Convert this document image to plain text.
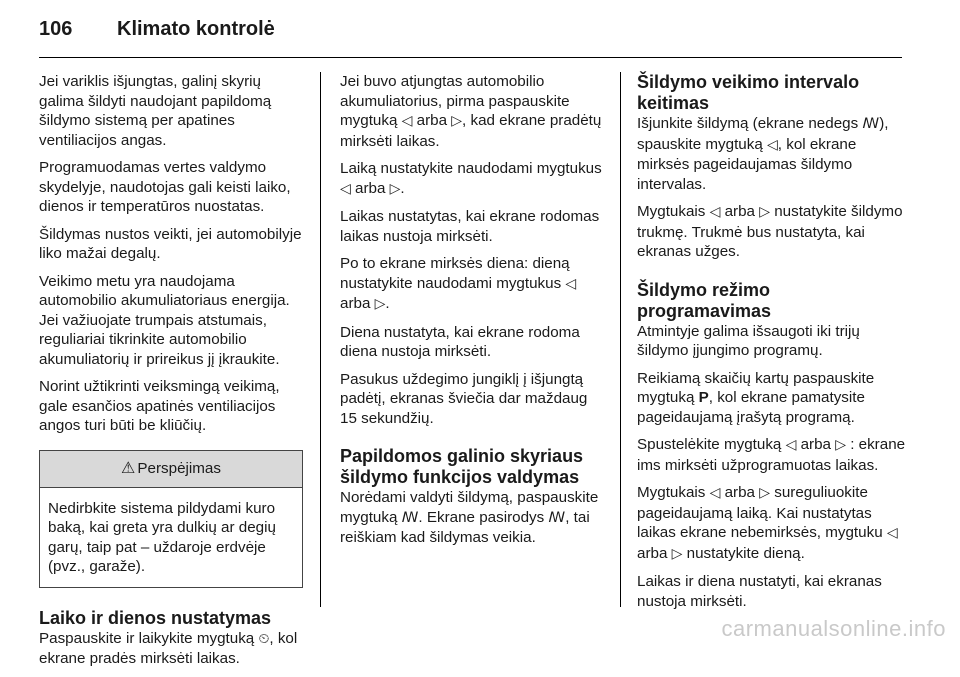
106	Klimato kontrolė

Jei variklis išjungtas, galinį skyrių galima šildyti naudojant papildomą šildymo sistemą per apatines ventiliacijos angas.

Programuodamas vertes valdymo skydelyje, naudotojas gali keisti laiko, dienos ir temperatūros nuostatas.

Šildymas nustos veikti, jei automobilyje liko mažai degalų.

Veikimo metu yra naudojama automobilio akumuliatoriaus energija. Jei važiuojate trumpais atstumais, reguliariai tikrinkite automobilio akumuliatorių ir prireikus jį įkraukite.

Norint užtikrinti veiksmingą veikimą, gale esančios apatinės ventiliacijos angos turi būti be kliūčių.

⚠ Perspėjimas
Nedirbkite sistema pildydami kuro baką, kai greta yra dulkių ar degių garų, taip pat – uždaroje erdvėje (pvz., garaže).
Laiko ir dienos nustatymas

Paspauskite ir laikykite mygtuką ⏲, kol ekrane pradės mirksėti laikas.

Jei buvo atjungtas automobilio akumuliatorius, pirma paspauskite mygtuką ◁ arba ▷, kad ekrane pradėtų mirksėti laikas.

Laiką nustatykite naudodami mygtukus ◁ arba ▷.

Laikas nustatytas, kai ekrane rodomas laikas nustoja mirksėti.

Po to ekrane mirksės diena: dieną nustatykite naudodami mygtukus ◁ arba ▷.

Diena nustatyta, kai ekrane rodoma diena nustoja mirksėti.

Pasukus uždegimo jungiklį į išjungtą padėtį, ekranas šviečia dar maždaug 15 sekundžių.

Papildomos galinio skyriaus šildymo funkcijos valdymas

Norėdami valdyti šildymą, paspauskite mygtuką ꟿ. Ekrane pasirodys ꟿ, tai reiškiam kad šildymas veikia.

Šildymo veikimo intervalo keitimas

Išjunkite šildymą (ekrane nedegs ꟿ), spauskite mygtuką ◁, kol ekrane mirksės pageidaujamas šildymo intervalas.

Mygtukais ◁ arba ▷ nustatykite šildymo trukmę. Trukmė bus nustatyta, kai ekranas užges.

Šildymo režimo programavimas

Atmintyje galima išsaugoti iki trijų šildymo įjungimo programų.

Reikiamą skaičių kartų paspauskite mygtuką P, kol ekrane pamatysite pageidaujamą įrašytą programą.

Spustelėkite mygtuką ◁ arba ▷ : ekrane ims mirksėti užprogramuotas laikas.

Mygtukais ◁ arba ▷ sureguliuokite pageidaujamą laiką. Kai nustatytas laikas ekrane nebemirksės, mygtuku ◁ arba ▷ nustatykite dieną.

Laikas ir diena nustatyti, kai ekranas nustoja mirksėti.

carmanualsonline.info
